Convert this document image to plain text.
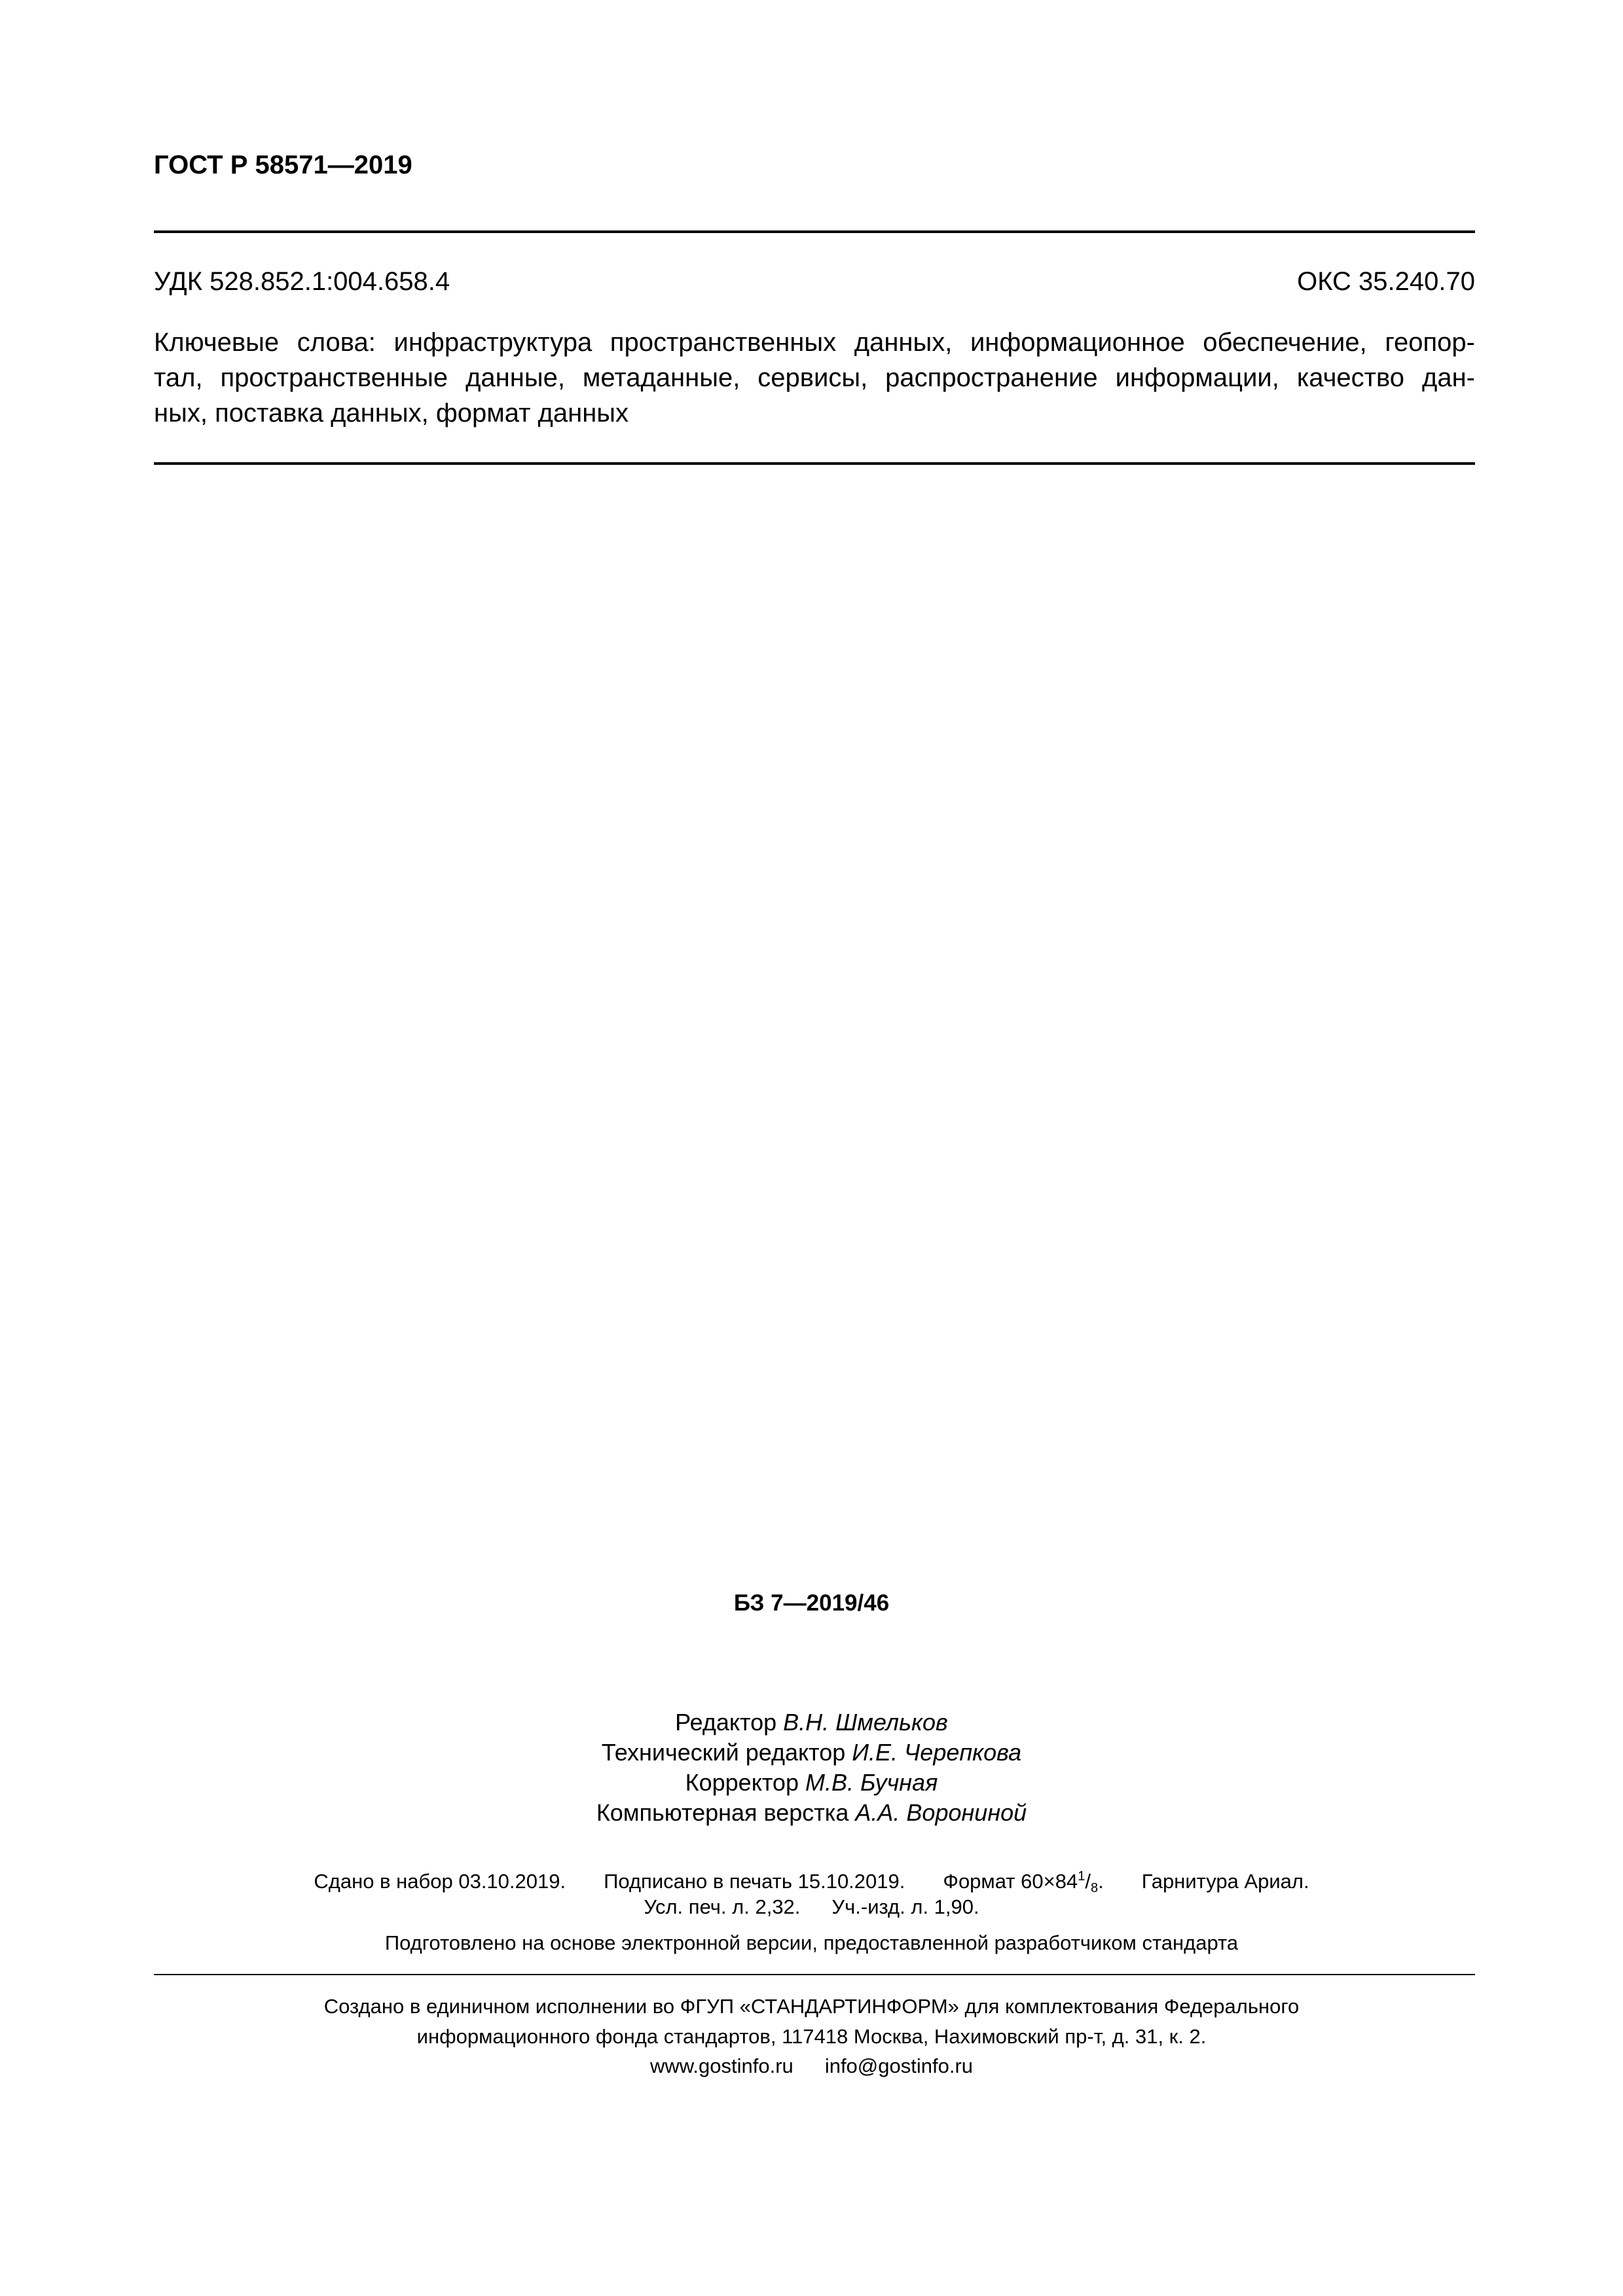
ГОСТ Р 58571—2019
УДК 528.852.1:004.658.4	ОКС 35.240.70
Ключевые слова: инфраструктура пространственных данных, информационное обеспечение, геопор-
тал, пространственные данные, метаданные, сервисы, распространение информации, качество дан-
ных, поставка данных, формат данных
БЗ 7—2019/46
Редактор В.Н. Шмельков
Технический редактор И.Е. Черепкова
Корректор М.В. Бучная
Компьютерная верстка А.А. Ворониной
Сдано в набор 03.10.2019. Подписано в печать 15.10.2019. Формат $60\times 84^1/_8$. Гарнитура Ариал.
Усл. печ. л. 2,32. Уч.-изд. л. 1,90.
Подготовлено на основе электронной версии, предоставленной разработчиком стандарта
Создано в единичном исполнении во ФГУП «СТАНДАРТИНФОРМ» для комплектования Федерального
информационного фонда стандартов, 117418 Москва, Нахимовский пр-т, д. 31, к. 2.
www.gostinfo.ru info@gostinfo.ru
